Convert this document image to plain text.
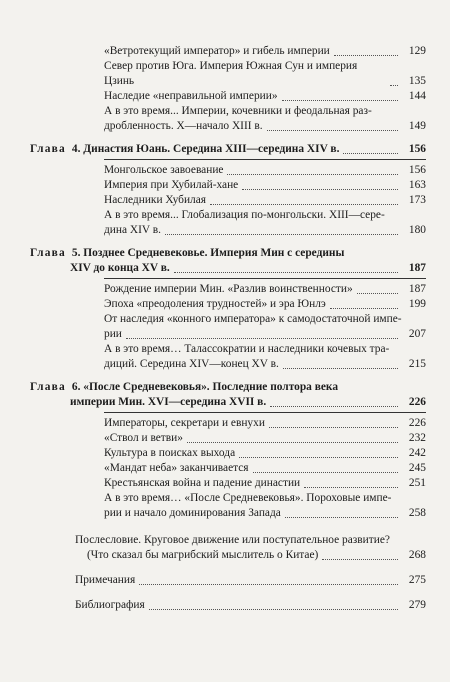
«Ветротекущий император» и гибель империи	129
Север против Юга. Империя Южная Сун и империя Цзинь	135
Наследие «неправильной империи»	144
А в это время... Империи, кочевники и феодальная раз-
дробленность. X—начало XIII в.	149
Глава 4. Династия Юань. Середина XIII—середина XIV в.	156
Монгольское завоевание	156
Империя при Хубилай-хане	163
Наследники Хубилая	173
А в это время... Глобализация по-монгольски. XIII—сере-
дина XIV в.	180
Глава 5. Позднее Средневековье. Империя Мин с середины
XIV до конца XV в.	187
Рождение империи Мин. «Разлив воинственности»	187
Эпоха «преодоления трудностей» и эра Юнлэ	199
От наследия «конного императора» к самодостаточной импе-
рии	207
А в это время… Талассократии и наследники кочевых тра-
диций. Середина XIV—конец XV в.	215
Глава 6. «После Средневековья». Последние полтора века
империи Мин. XVI—середина XVII в.	226
Императоры, секретари и евнухи	226
«Ствол и ветви»	232
Культура в поисках выхода	242
«Мандат неба» заканчивается	245
Крестьянская война и падение династии	251
А в это время… «После Средневековья». Пороховые импе-
рии и начало доминирования Запада	258
Послесловие. Круговое движение или поступательное развитие?
(Что сказал бы магрибский мыслитель о Китае)	268
Примечания	275
Библиография	279
